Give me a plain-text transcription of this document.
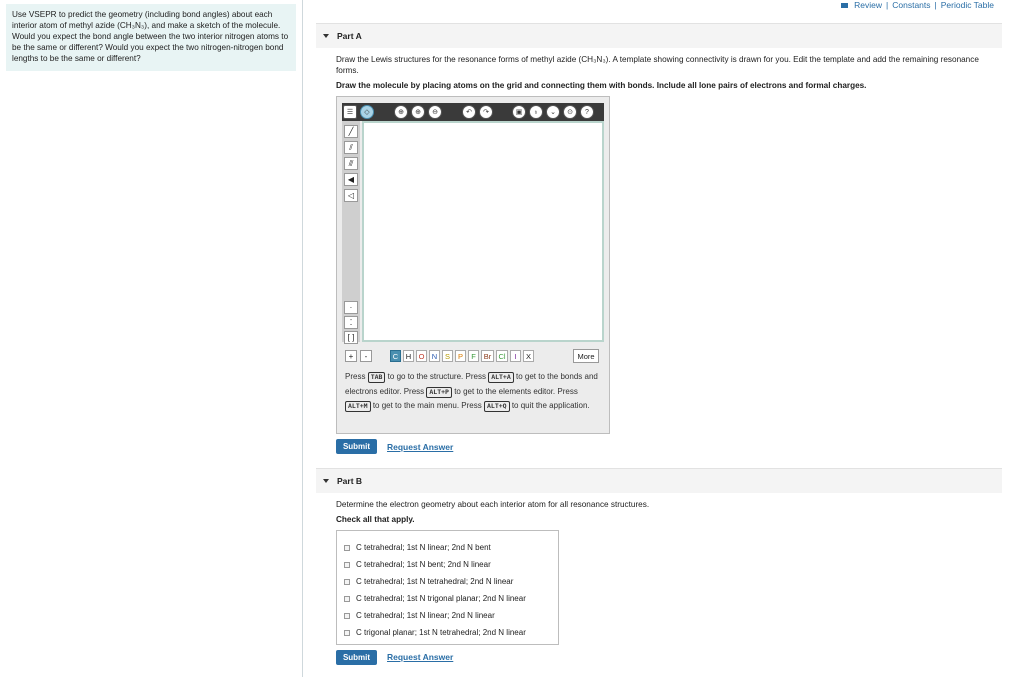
Use VSEPR to predict the geometry (including bond angles) about each interior atom of methyl azide (CH₃N₃), and make a sketch of the molecule. Would you expect the bond angle between the two interior nitrogen atoms to be the same or different? Would you expect the two nitrogen-nitrogen bond lengths to be the same or different?
Review | Constants | Periodic Table
Part A
Draw the Lewis structures for the resonance forms of methyl azide (CH₃N₃). A template showing connectivity is drawn for you. Edit the template and add the remaining resonance forms.
Draw the molecule by placing atoms on the grid and connecting them with bonds. Include all lone pairs of electrons and formal charges.
☰	◇	⊕	⊕	⊖	↶	↷	▣	♁	⌄	⊙	?
╱
⫽
⫻
◀
◁
·
⁚
[ ]
+	-	C	H O N	S	P	F	Br Cl	I	X	More
Press TAB to go to the structure. Press ALT+A to get to the bonds and electrons editor. Press ALT+P to get to the elements editor. Press ALT+M to get to the main menu. Press ALT+Q to quit the application.
Submit	Request Answer
Part B
Determine the electron geometry about each interior atom for all resonance structures.
Check all that apply.
C tetrahedral; 1st N linear; 2nd N bent
C tetrahedral; 1st N bent; 2nd N linear
C tetrahedral; 1st N tetrahedral; 2nd N linear
C tetrahedral; 1st N trigonal planar; 2nd N linear
C tetrahedral; 1st N linear; 2nd N linear
C trigonal planar; 1st N tetrahedral; 2nd N linear
Submit	Request Answer
